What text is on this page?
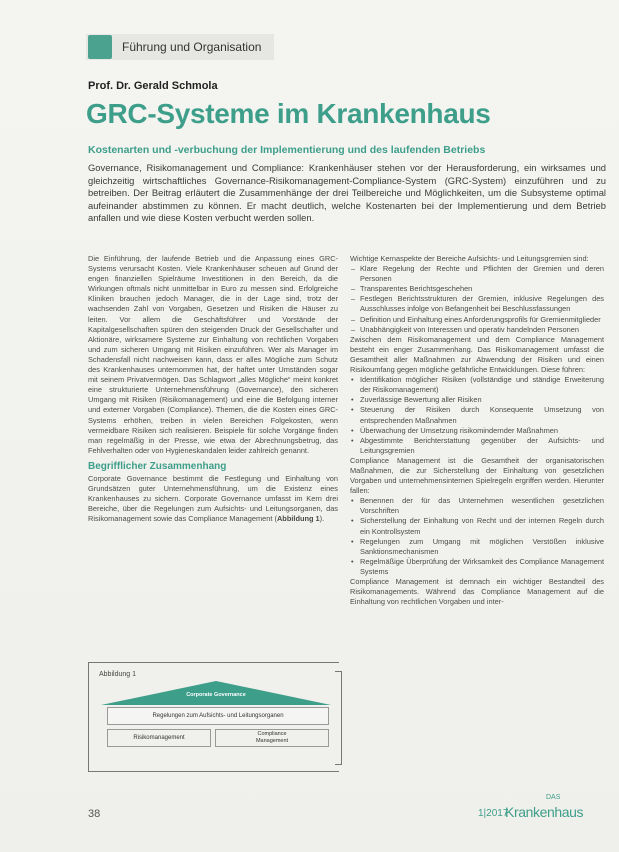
Führung und Organisation
Prof. Dr. Gerald Schmola
GRC-Systeme im Krankenhaus
Kostenarten und -verbuchung der Implementierung und des laufenden Betriebs
Governance, Risikomanagement und Compliance: Krankenhäuser stehen vor der Herausforderung, ein wirksames und gleichzeitig wirtschaftliches Governance-Risikomanagement-Compliance-System (GRC-System) einzuführen und zu betreiben. Der Beitrag erläutert die Zusammenhänge der drei Teilbereiche und Möglichkeiten, um die Subsysteme optimal aufeinander abstimmen zu können. Er macht deutlich, welche Kostenarten bei der Implementierung und dem Betrieb anfallen und wie diese Kosten verbucht werden sollen.

Die Einführung, der laufende Betrieb und die Anpassung eines GRC-Systems verursacht Kosten. Viele Krankenhäuser scheuen auf Grund der engen finanziellen Spielräume Investitionen in den Bereich, da die Wirkungen oftmals nicht unmittelbar in Euro zu messen sind. Erfolgreiche Kliniken brauchen jedoch Manager, die in der Lage sind, trotz der wachsenden Zahl von Vorgaben, Gesetzen und Risiken die Häuser zu leiten. Vor allem die Geschäftsführer und Vorstände der Kapitalgesellschaften spüren den steigenden Druck der Gesellschafter und Aktionäre, wirksamere Systeme zur Einhaltung von rechtlichen Vorgaben und zum sicheren Umgang mit Risiken einzuführen. Wer als Manager im Schadensfall nicht nachweisen kann, dass er alles Mögliche zum Schutz des Krankenhauses unternommen hat, der haftet unter Umständen sogar mit seinem Privatvermögen. Das Schlagwort „alles Mögliche“ meint konkret eine strukturierte Unternehmensführung (Governance), den sicheren Umgang mit Risiken (Risikomanagement) und eine die Befolgung interner und externer Vorgaben (Compliance). Themen, die die Kosten eines GRC-Systems erhöhen, treiben in vielen Bereichen Folgekosten, wenn vermeidbare Risiken sich realisieren. Beispiele für solche Vorgänge finden man regelmäßig in der Presse, wie etwa der Abrechnungsbetrug, das Fehlverhalten oder von Hygieneskandalen leider zahlreich genannt.

Begrifflicher Zusammenhang

Corporate Governance bestimmt die Festlegung und Einhaltung von Grundsätzen guter Unternehmensführung, um die Existenz eines Krankenhauses zu sichern. Corporate Governance umfasst im Kern drei Bereiche, über die Regelungen zum Aufsichts- und Leitungsorganen, das Risikomanagement sowie das Compliance Management (Abbildung 1).

Abbildung 1
Corporate Governance
Regelungen zum Aufsichts- und Leitungsorganen
Risikomanagement
Compliance
Management

Wichtige Kernaspekte der Bereiche Aufsichts- und Leitungsgremien sind:

– Klare Regelung der Rechte und Pflichten der Gremien und deren Personen
– Transparentes Berichtsgeschehen
– Festlegen Berichtsstrukturen der Gremien, inklusive Regelungen des Ausschlusses infolge von Befangenheit bei Beschlussfassungen
– Definition und Einhaltung eines Anforderungsprofils für Gremienmitglieder
– Unabhängigkeit von Interessen und operativ handelnden Personen

Zwischen dem Risikomanagement und dem Compliance Management besteht ein enger Zusammenhang. Das Risikomanagement umfasst die Gesamtheit aller Maßnahmen zur Abwendung der Risiken und einen Risikoumfang gegen mögliche gefährliche Entwicklungen. Diese führen:

• Identifikation möglicher Risiken (vollständige und ständige Erweiterung der Risikomanagement)
• Zuverlässige Bewertung aller Risiken
• Steuerung der Risiken durch Konsequente Umsetzung von entsprechenden Maßnahmen
• Überwachung der Umsetzung risikomindernder Maßnahmen
• Abgestimmte Berichterstattung gegenüber der Aufsichts- und Leitungsgremien

Compliance Management ist die Gesamtheit der organisatorischen Maßnahmen, die zur Sicherstellung der Einhaltung von gesetzlichen Vorgaben und unternehmensinternen Spielregeln ergriffen werden. Hierunter fallen:

• Benennen der für das Unternehmen wesentlichen gesetzlichen Vorschriften
• Sicherstellung der Einhaltung von Recht und der internen Regeln durch ein Kontrollsystem
• Regelungen zum Umgang mit möglichen Verstößen inklusive Sanktionsmechanismen
• Regelmäßige Überprüfung der Wirksamkeit des Compliance Management Systems

Compliance Management ist demnach ein wichtiger Bestandteil des Risikomanagements. Während das Compliance Management auf die Einhaltung von rechtlichen Vorgaben und inter-

38	1|2017
DAS
Krankenhaus
